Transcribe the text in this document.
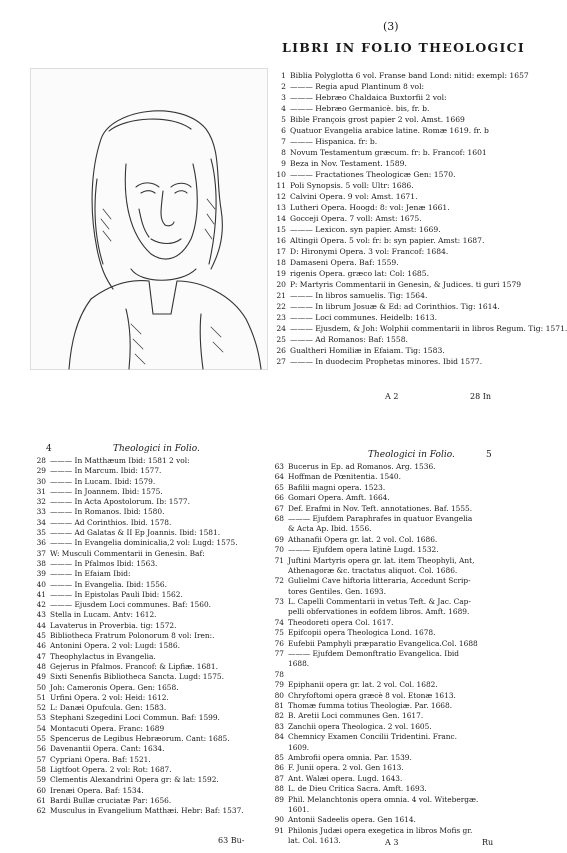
(3)
LIBRI IN FOLIO THEOLOGICI
1 Biblia Polyglotta 6 vol. Franse band Lond: nitid: exempl: 1657
2 ——— Regia apud Plantinum 8 vol:
3 ——— Hebræo Chaldaica Buxtorfii 2 vol:
4 ——— Hebræo Germanicè. bis, fr. b.
5 Bible François grost papier 2 vol. Amst. 1669
6 Quatuor Evangelia arabice latine. Romæ 1619. fr. b
7 ——— Hispanica. fr: b.
8 Novum Testamentum græcum. fr: b. Francof: 1601
9 Beza in Nov. Testament. 1589.
10 ——— Fractationes Theologicæ Gen: 1570.
11 Poli Synopsis. 5 voll: Ultr: 1686.
12 Calvini Opera. 9 vol: Amst. 1671.
13 Lutheri Opera. Hoogd: 8: vol: Jenæ 1661.
14 Gocceji Opera. 7 voll: Amst: 1675.
15 ——— Lexicon. syn papier. Amst: 1669.
16 Altingii Opera. 5 vol: fr: b: syn papier. Amst: 1687.
17 D: Hironymi Opera. 3 vol: Francof: 1684.
18 Damaseni Opera. Baf: 1559.
19 rigenis Opera. græco lat: Col: 1685.
20 P: Martyris Commentarii in Genesin, & Judices. ti guri 1579
21 ——— In libros samuelis. Tig: 1564.
22 ——— In librum Josuæ & Ed: ad Corinthios. Tig: 1614.
23 ——— Loci communes. Heidelb: 1613.
24 ——— Ejusdem, & Joh: Wolphii commentarii in libros Regum. Tig: 1571.
25 ——— Ad Romanos: Baf: 1558.
26 Gualtheri Homiliæ in Efaiam. Tig: 1583.
27 ——— In duodecim Prophetas minores. Ibid 1577.
A 2	28 In
4	Theologici in Folio.
28 ——— In Matthæum Ibid: 1581 2 vol:
29 ——— In Marcum. Ibid: 1577.
30 ——— In Lucam. Ibid: 1579.
31 ——— In Joannem. Ibid: 1575.
32 ——— In Acta Apostolorum. Ib: 1577.
33 ——— In Romanos. Ibid: 1580.
34 ——— Ad Corinthios. Ibid. 1578.
35 ——— Ad Galatas & II Ep Joannis. Ibid: 1581.
36 ——— In Evangelia dominicalia,2 vol: Lugd: 1575.
37 W: Musculi Commentarii in Genesin. Baf:
38 ——— In Pfalmos Ibid: 1563.
39 ——— In Efaiam Ibid:
40 ——— In Evangelia. Ibid: 1556.
41 ——— In Epistolas Pauli Ibid: 1562.
42 ——— Ejusdem Loci communes. Baf: 1560.
43 Stella in Lucam. Antv: 1612.
44 Lavaterus in Proverbia. tig: 1572.
45 Bibliotheca Fratrum Polonorum 8 vol: Iren:.
46 Antonini Opera. 2 vol: Lugd: 1586.
47 Theophylactus in Evangelia.
48 Gejerus in Pfalmos. Francof: & Lipfiæ. 1681.
49 Sixti Senenfis Bibliotheca Sancta. Lugd: 1575.
50 Joh: Cameronis Opera. Gen: 1658.
51 Urfini Opera. 2 vol: Heid: 1612.
52 L: Danæi Opufcula. Gen: 1583.
53 Stephani Szegedini Loci Commun. Baf: 1599.
54 Montacuti Opera. Franc: 1689
55 Spencerus de Legibus Hebræorum. Cant: 1685.
56 Davenantii Opera. Cant: 1634.
57 Cypriani Opera. Baf: 1521.
58 Ligtfoot Opera. 2 vol: Rot: 1687.
59 Clementis Alexandrini Opera gr: & lat: 1592.
60 Irenæi Opera. Baf: 1534.
61 Bardi Bullæ cruciatæ Par: 1656.
62 Musculus in Evangelium Matthæi. Hebr: Baf: 1537.
63 Bu-
Theologici in Folio.	5
63 Bucerus in Ep. ad Romanos. Arg. 1536.
64 Hoffman de Pœnitentia. 1540.
65 Bafilii magni opera. 1523.
66 Gomari Opera. Amft. 1664.
67 Def. Erafmi in Nov. Teft. annotationes. Baf. 1555.
68 ——— Ejufdem Paraphrafes in quatuor Evangelia
& Acta Ap. Ibid. 1556.
69 Athanafii Opera gr. lat. 2 vol. Col. 1686.
70 ——— Ejufdem opera latinè Lugd. 1532.
71 Juftini Martyris opera gr. lat. item Theophyli, Ant,
Athenagoræ &c. tractatus aliquot. Col. 1686.
72 Gulielmi Cave hiftoria litteraria, Accedunt Scrip-
tores Gentiles. Gen. 1693.
73 L. Capelli Commentarii in vetus Teft. & Jac. Cap-
pelli obfervationes in eofdem libros. Amft. 1689.
74 Theodoreti opera Col. 1617.
75 Epifcopii opera Theologica Lond. 1678.
76 Eufebii Pamphyli præparatio Evangelica.Col. 1688
77 ——— Ejufdem Demonftratio Evangelica. Ibid
1688.
78
79 Epiphanii opera gr. lat. 2 vol. Col. 1682.
80 Chryfoftomi opera græcè 8 vol. Etonæ 1613.
81 Thomæ fumma totius Theologiæ. Par. 1668.
82 B. Aretii Loci communes Gen. 1617.
83 Zanchii opera Theologica. 2 vol. 1605.
84 Chemnicy Examen Concilii Tridentini. Franc.
1609.
85 Ambrofii opera omnia. Par. 1539.
86 F. Junii opera. 2 vol. Gen 1613.
87 Ant. Walæi opera. Lugd. 1643.
88 L. de Dieu Critica Sacra. Amft. 1693.
89 Phil. Melanchtonis opera omnia. 4 vol. Witebergæ.
1601.
90 Antonii Sadeelis opera. Gen 1614.
91 Philonis Judæi opera exegetica in libros Mofis gr.
lat. Col. 1613.	A 3	Ru
